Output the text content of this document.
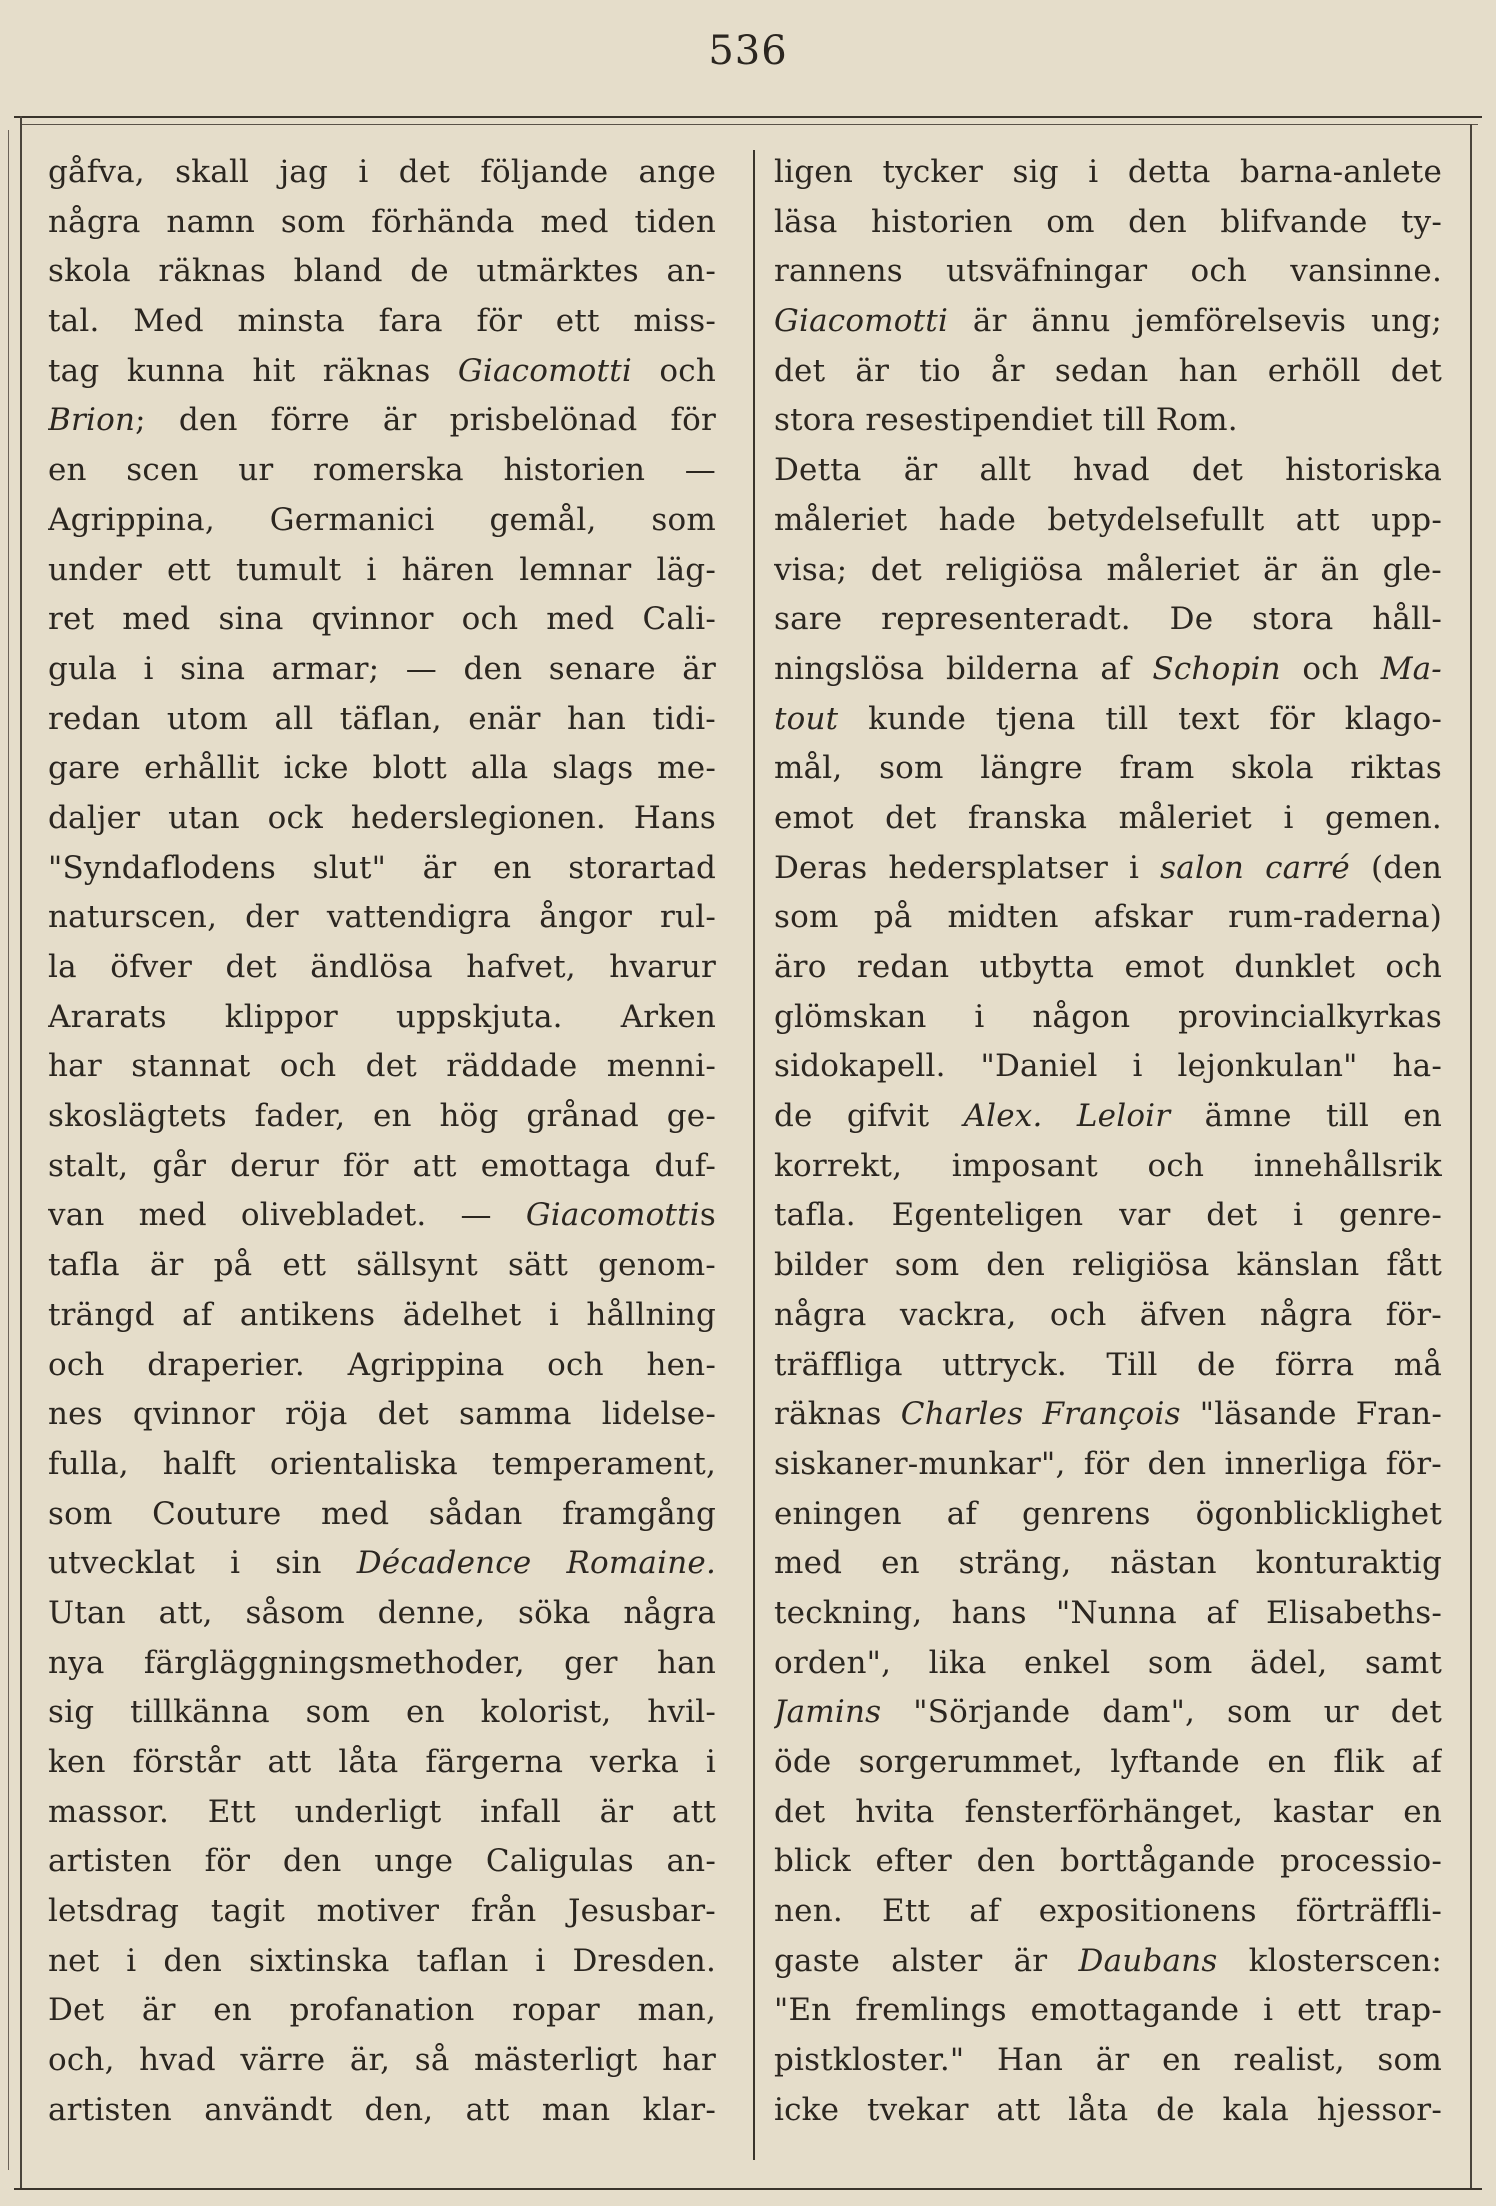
536
gåfva, skall jag i det följande ange
några namn som förhända med tiden
skola räknas bland de utmärktes an-
tal. Med minsta fara för ett miss-
tag kunna hit räknas Giacomotti och
Brion; den förre är prisbelönad för
en scen ur romerska historien —
Agrippina, Germanici gemål, som
under ett tumult i hären lemnar läg-
ret med sina qvinnor och med Cali-
gula i sina armar; — den senare är
redan utom all täflan, enär han tidi-
gare erhållit icke blott alla slags me-
daljer utan ock hederslegionen. Hans
"Syndaflodens slut" är en storartad
naturscen, der vattendigra ångor rul-
la öfver det ändlösa hafvet, hvarur
Ararats klippor uppskjuta. Arken
har stannat och det räddade menni-
skoslägtets fader, en hög grånad ge-
stalt, går derur för att emottaga duf-
van med olivebladet. — Giacomottis
tafla är på ett sällsynt sätt genom-
trängd af antikens ädelhet i hållning
och draperier. Agrippina och hen-
nes qvinnor röja det samma lidelse-
fulla, halft orientaliska temperament,
som Couture med sådan framgång
utvecklat i sin Décadence Romaine.
Utan att, såsom denne, söka några
nya färgläggningsmethoder, ger han
sig tillkänna som en kolorist, hvil-
ken förstår att låta färgerna verka i
massor. Ett underligt infall är att
artisten för den unge Caligulas an-
letsdrag tagit motiver från Jesusbar-
net i den sixtinska taflan i Dresden.
Det är en profanation ropar man,
och, hvad värre är, så mästerligt har
artisten användt den, att man klar-
ligen tycker sig i detta barna-anlete
läsa historien om den blifvande ty-
rannens utsväfningar och vansinne.
Giacomotti är ännu jemförelsevis ung;
det är tio år sedan han erhöll det
stora resestipendiet till Rom.
Detta är allt hvad det historiska
måleriet hade betydelsefullt att upp-
visa; det religiösa måleriet är än gle-
sare representeradt. De stora håll-
ningslösa bilderna af Schopin och Ma-
tout kunde tjena till text för klago-
mål, som längre fram skola riktas
emot det franska måleriet i gemen.
Deras hedersplatser i salon carré (den
som på midten afskar rum-raderna)
äro redan utbytta emot dunklet och
glömskan i någon provincialkyrkas
sidokapell. "Daniel i lejonkulan" ha-
de gifvit Alex. Leloir ämne till en
korrekt, imposant och innehållsrik
tafla. Egenteligen var det i genre-
bilder som den religiösa känslan fått
några vackra, och äfven några för-
träffliga uttryck. Till de förra må
räknas Charles François "läsande Fran-
siskaner-munkar", för den innerliga för-
eningen af genrens ögonblicklighet
med en sträng, nästan konturaktig
teckning, hans "Nunna af Elisabeths-
orden", lika enkel som ädel, samt
Jamins "Sörjande dam", som ur det
öde sorgerummet, lyftande en flik af
det hvita fensterförhänget, kastar en
blick efter den borttågande processio-
nen. Ett af expositionens förträffli-
gaste alster är Daubans klosterscen:
"En fremlings emottagande i ett trap-
pistkloster." Han är en realist, som
icke tvekar att låta de kala hjessor-
